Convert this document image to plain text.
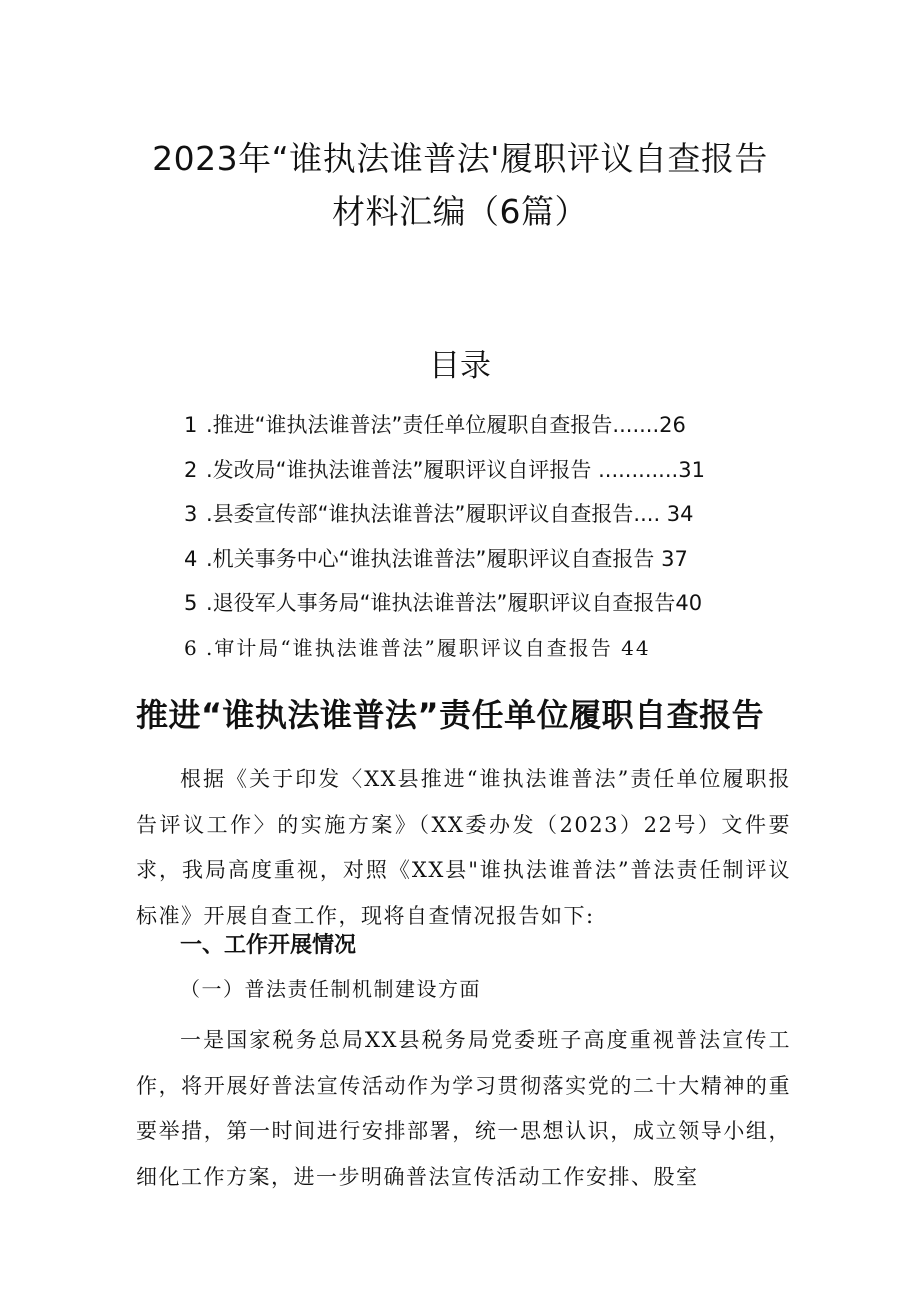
2023年“谁执法谁普法'履职评议自查报告
材料汇编（6篇）
目录
1 .推进“谁执法谁普法”责任单位履职自查报告.......26
2 .发改局“谁执法谁普法”履职评议自评报告 ............31
3 .县委宣传部“谁执法谁普法”履职评议自查报告.... 34
4 .机关事务中心“谁执法谁普法”履职评议自查报告 37
5 .退役军人事务局“谁执法谁普法”履职评议自查报告40
6 .审计局“谁执法谁普法”履职评议自查报告 44
推进“谁执法谁普法”责任单位履职自查报告

根据《关于印发〈XX县推进“谁执法谁普法”责任单位履职报告评议工作〉的实施方案》（XX委办发（2023）22号）文件要求，我局高度重视，对照《XX县"谁执法谁普法”普法责任制评议标准》开展自查工作，现将自查情况报告如下:

一、工作开展情况
（一）普法责任制机制建设方面

一是国家税务总局XX县税务局党委班子高度重视普法宣传工作，将开展好普法宣传活动作为学习贯彻落实党的二十大精神的重要举措，第一时间进行安排部署，统一思想认识，成立领导小组，细化工作方案，进一步明确普法宣传活动工作安排、股室
